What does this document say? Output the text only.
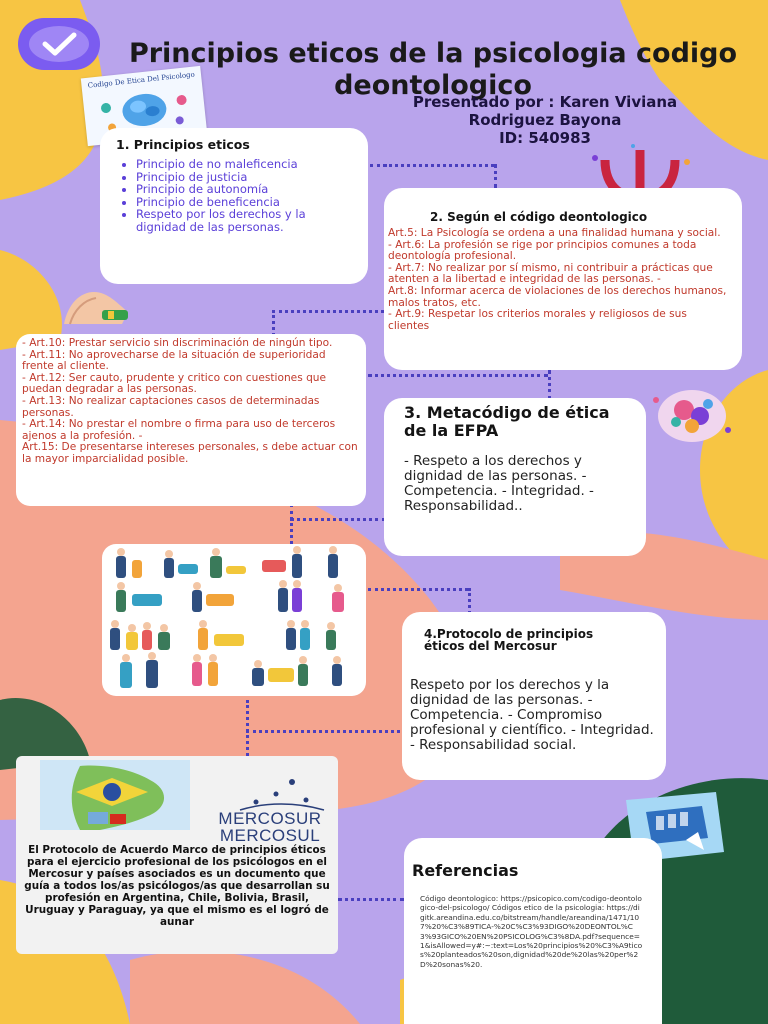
Principios eticos de la psicologia codigo deontologico
Presentado por : Karen Viviana
Rodriguez Bayona
ID: 540983
Codigo De Etica Del Psicologo
1. Principios eticos
• Principio de no maleficencia
• Principio de justicia
• Principio de autonomía
• Principio de beneficencia
• Respeto por los derechos y la dignidad de las personas.
2. Según el código deontologico
Art.5: La Psicología se ordena a una finalidad humana y social.
- Art.6: La profesión se rige por principios comunes a toda deontología profesional.
- Art.7: No realizar por sí mismo, ni contribuir a prácticas que atenten a la libertad e integridad de las personas. -
Art.8: Informar acerca de violaciones de los derechos humanos, malos tratos, etc.
- Art.9: Respetar los criterios morales y religiosos de sus clientes
- Art.10: Prestar servicio sin discriminación de ningún tipo.
- Art.11: No aprovecharse de la situación de superioridad frente al cliente.
- Art.12: Ser cauto, prudente y critico con cuestiones que puedan degradar a las personas.
- Art.13: No realizar captaciones casos de determinadas personas.
- Art.14: No prestar el nombre o firma para uso de terceros ajenos a la profesión. -
Art.15: De presentarse intereses personales, s debe actuar con la mayor imparcialidad posible.
3. Metacódigo de ética de la EFPA
- Respeto a los derechos y dignidad de las personas. - Competencia. - Integridad. - Responsabilidad..
4.Protocolo de principios éticos del Mercosur
Respeto por los derechos y la dignidad de las personas. - Competencia. - Compromiso profesional y científico. - Integridad. - Responsabilidad social.
MERCOSUR
MERCOSUL
El Protocolo de Acuerdo Marco de principios éticos para el ejercicio profesional de los psicólogos en el Mercosur y países asociados es un documento que guía a todos los/as psicólogos/as que desarrollan su profesión en Argentina, Chile, Bolivia, Brasil, Uruguay y Paraguay, ya que el mismo es el logró de aunar
Referencias
Código deontologico: https://psicopico.com/codigo-deontologico-del-psicologo/ Códigos etico de la psicologia: https://digitk.areandina.edu.co/bitstream/handle/areandina/1471/107%20%C3%89TICA-%20C%C3%93DIGO%20DEONTOL%C3%93GICO%20EN%20PSICOLOG%C3%8DA.pdf?sequence=1&isAllowed=y#:~:text=Los%20principios%20%C3%A9ticos%20planteados%20son,dignidad%20de%20las%20per%2D%20sonas%20.
